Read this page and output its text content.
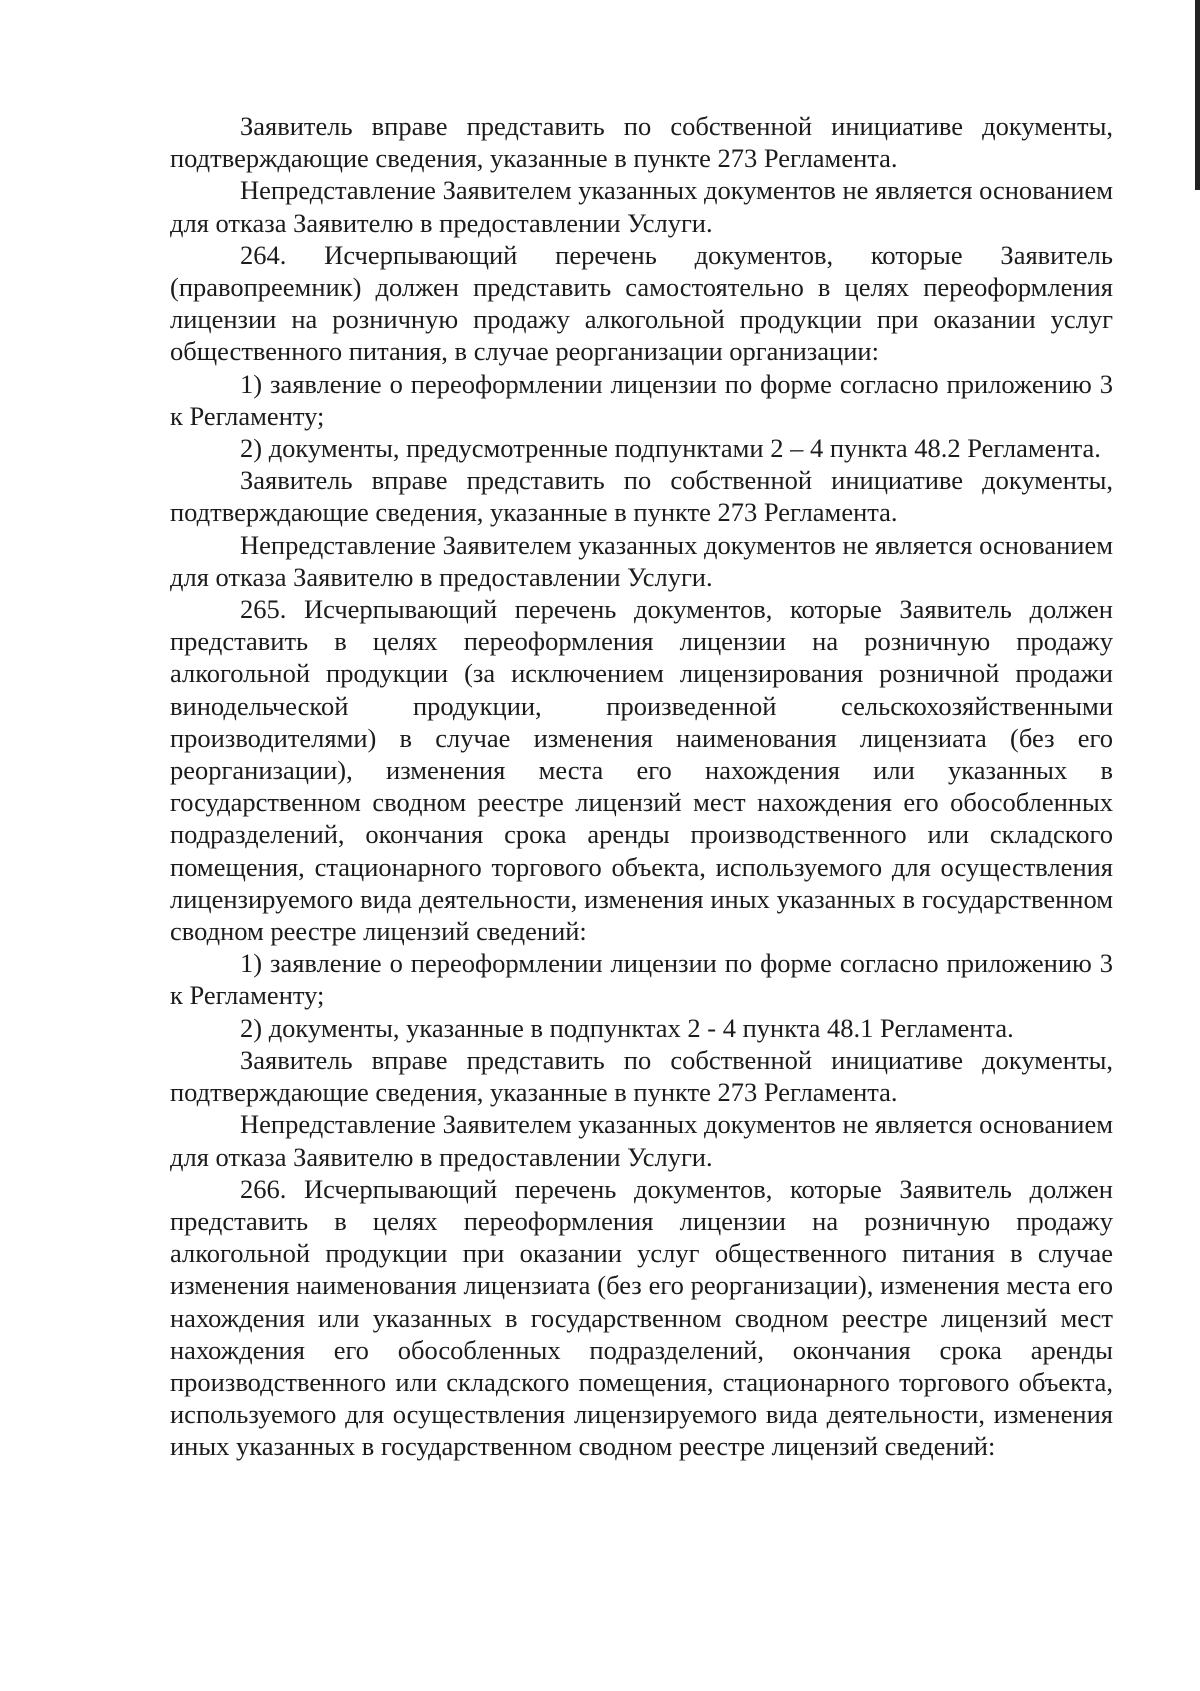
Заявитель вправе представить по собственной инициативе документы, подтверждающие сведения, указанные в пункте 273 Регламента.

Непредставление Заявителем указанных документов не является основанием для отказа Заявителю в предоставлении Услуги.

264. Исчерпывающий перечень документов, которые Заявитель (правопреемник) должен представить самостоятельно в целях переоформления лицензии на розничную продажу алкогольной продукции при оказании услуг общественного питания, в случае реорганизации организации:

1) заявление о переоформлении лицензии по форме согласно приложению 3 к Регламенту;

2) документы, предусмотренные подпунктами 2 – 4 пункта 48.2 Регламента.

Заявитель вправе представить по собственной инициативе документы, подтверждающие сведения, указанные в пункте 273 Регламента.

Непредставление Заявителем указанных документов не является основанием для отказа Заявителю в предоставлении Услуги.

265. Исчерпывающий перечень документов, которые Заявитель должен представить в целях переоформления лицензии на розничную продажу алкогольной продукции (за исключением лицензирования розничной продажи винодельческой продукции, произведенной сельскохозяйственными производителями) в случае изменения наименования лицензиата (без его реорганизации), изменения места его нахождения или указанных в государственном сводном реестре лицензий мест нахождения его обособленных подразделений, окончания срока аренды производственного или складского помещения, стационарного торгового объекта, используемого для осуществления лицензируемого вида деятельности, изменения иных указанных в государственном сводном реестре лицензий сведений:

1) заявление о переоформлении лицензии по форме согласно приложению 3 к Регламенту;

2) документы, указанные в подпунктах 2 - 4 пункта 48.1 Регламента.

Заявитель вправе представить по собственной инициативе документы, подтверждающие сведения, указанные в пункте 273 Регламента.

Непредставление Заявителем указанных документов не является основанием для отказа Заявителю в предоставлении Услуги.

266. Исчерпывающий перечень документов, которые Заявитель должен представить в целях переоформления лицензии на розничную продажу алкогольной продукции при оказании услуг общественного питания в случае изменения наименования лицензиата (без его реорганизации), изменения места его нахождения или указанных в государственном сводном реестре лицензий мест нахождения его обособленных подразделений, окончания срока аренды производственного или складского помещения, стационарного торгового объекта, используемого для осуществления лицензируемого вида деятельности, изменения иных указанных в государственном сводном реестре лицензий сведений:
